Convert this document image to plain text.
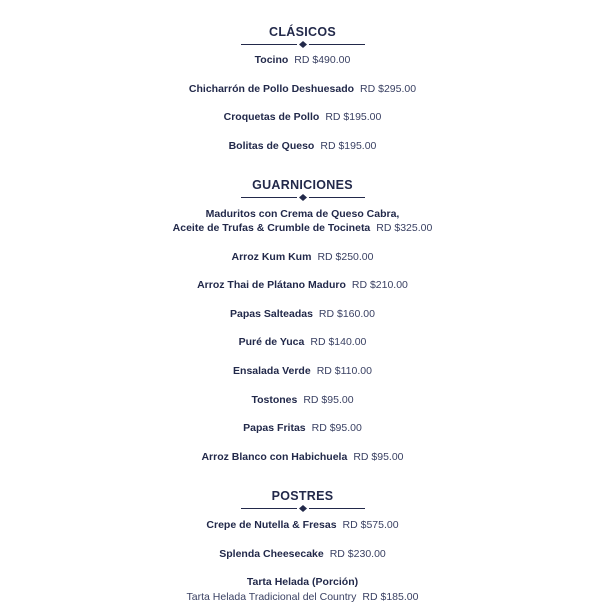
CLÁSICOS
Tocino RD $490.00
Chicharrón de Pollo Deshuesado RD $295.00
Croquetas de Pollo RD $195.00
Bolitas de Queso RD $195.00
GUARNICIONES
Maduritos con Crema de Queso Cabra,
Aceite de Trufas & Crumble de Tocineta RD $325.00
Arroz Kum Kum RD $250.00
Arroz Thai de Plátano Maduro RD $210.00
Papas Salteadas RD $160.00
Puré de Yuca RD $140.00
Ensalada Verde RD $110.00
Tostones RD $95.00
Papas Fritas RD $95.00
Arroz Blanco con Habichuela RD $95.00
POSTRES
Crepe de Nutella & Fresas RD $575.00
Splenda Cheesecake RD $230.00
Tarta Helada (Porción)
Tarta Helada Tradicional del Country RD $185.00
